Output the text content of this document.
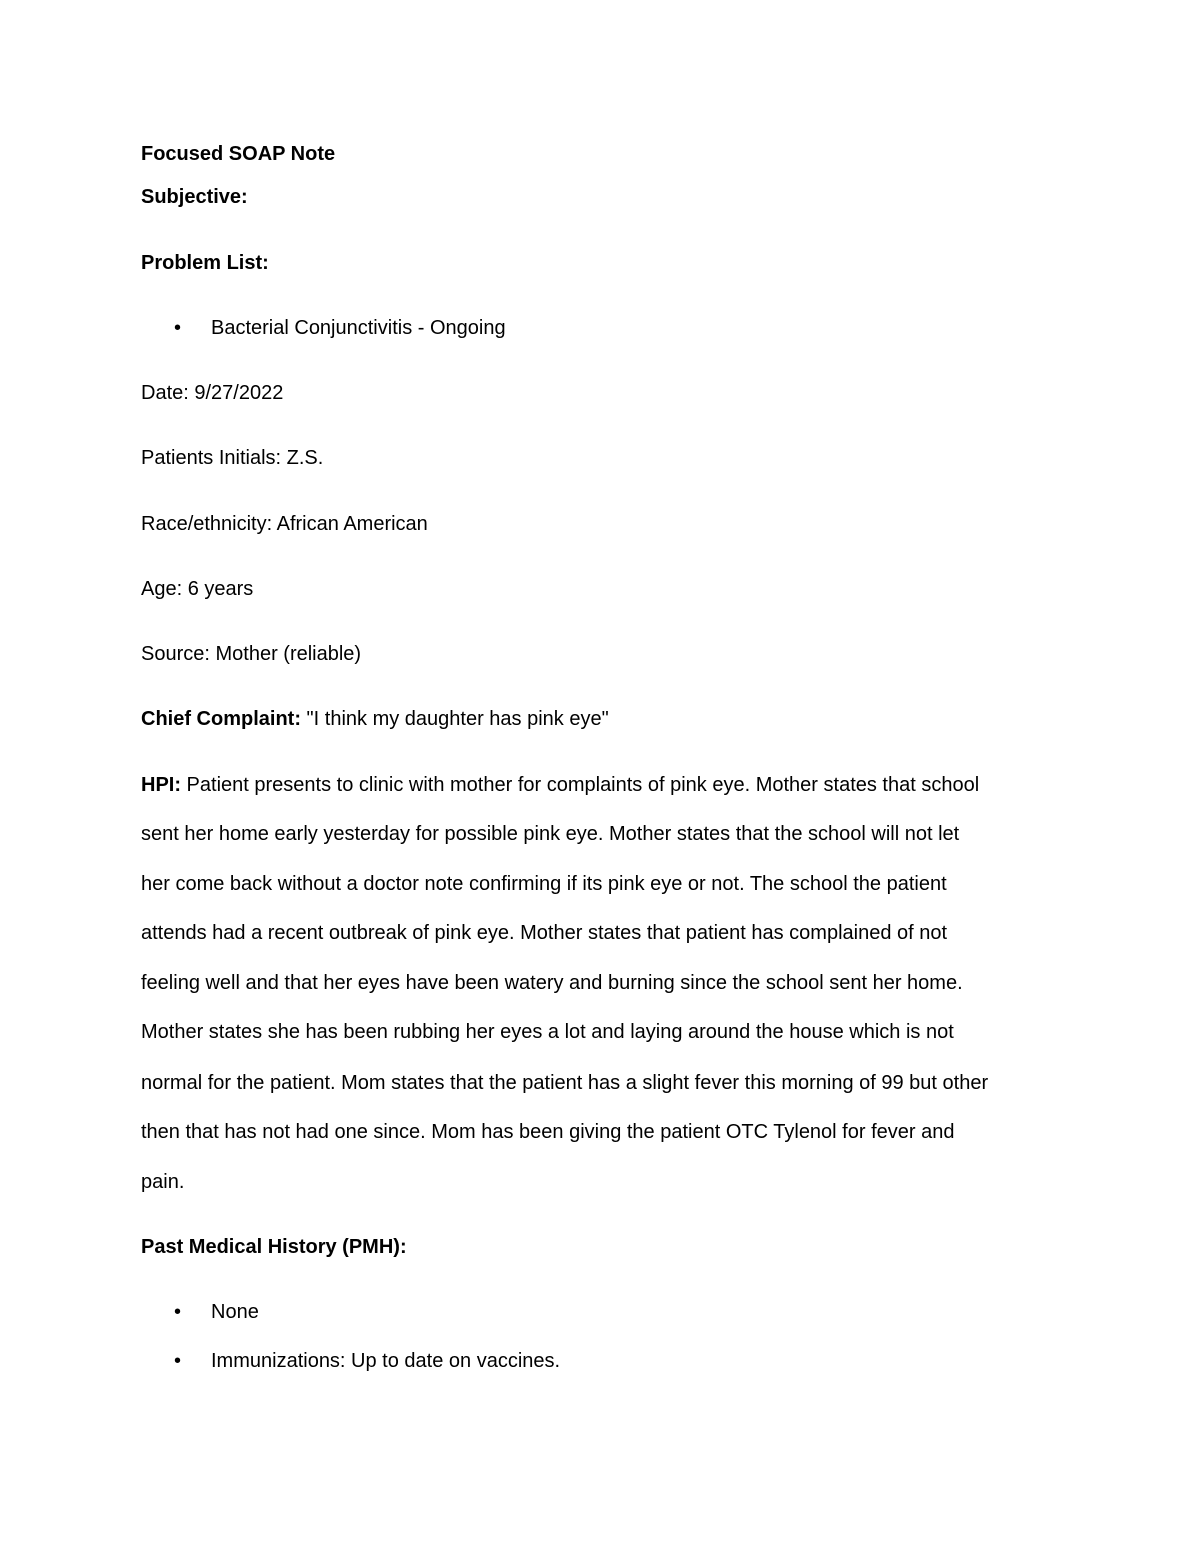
Focused SOAP Note
Subjective:
Problem List:
• Bacterial Conjunctivitis - Ongoing
Date: 9/27/2022
Patients Initials: Z.S.
Race/ethnicity: African American
Age: 6 years
Source: Mother (reliable)
Chief Complaint: "I think my daughter has pink eye"
HPI: Patient presents to clinic with mother for complaints of pink eye. Mother states that school
sent her home early yesterday for possible pink eye. Mother states that the school will not let
her come back without a doctor note confirming if its pink eye or not. The school the patient
attends had a recent outbreak of pink eye. Mother states that patient has complained of not
feeling well and that her eyes have been watery and burning since the school sent her home.
Mother states she has been rubbing her eyes a lot and laying around the house which is not
normal for the patient. Mom states that the patient has a slight fever this morning of 99 but other
then that has not had one since. Mom has been giving the patient OTC Tylenol for fever and
pain.
Past Medical History (PMH):
• None
• Immunizations: Up to date on vaccines.
